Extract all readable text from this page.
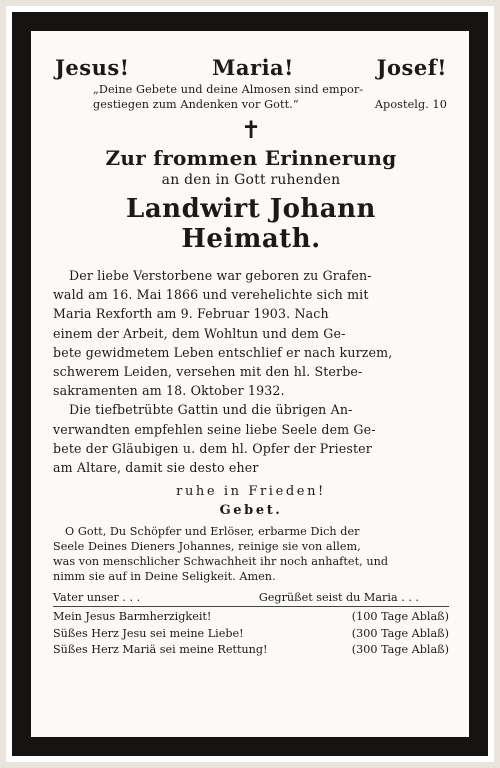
Jesus!	Maria!	Josef!
„Deine Gebete und deine Almosen sind empor-
gestiegen zum Andenken vor Gott.“	Apostelg. 10
✝
Zur frommen Erinnerung
an den in Gott ruhenden
Landwirt Johann Heimath.
Der liebe Verstorbene war geboren zu Grafen-
wald am 16. Mai 1866 und verehelichte sich mit
Maria Rexforth am 9. Februar 1903. Nach
einem der Arbeit, dem Wohltun und dem Ge-
bete gewidmetem Leben entschlief er nach kurzem,
schwerem Leiden, versehen mit den hl. Sterbe-
sakramenten am 18. Oktober 1932.
Die tiefbetrübte Gattin und die übrigen An-
verwandten empfehlen seine liebe Seele dem Ge-
bete der Gläubigen u. dem hl. Opfer der Priester
am Altare, damit sie desto eher
ruhe in Frieden!
Gebet.
O Gott, Du Schöpfer und Erlöser, erbarme Dich der
Seele Deines Dieners Johannes, reinige sie von allem,
was von menschlicher Schwachheit ihr noch anhaftet, und
nimm sie auf in Deine Seligkeit. Amen.
Vater unser . . .	Gegrüßet seist du Maria . . .
Mein Jesus Barmherzigkeit!	(100 Tage Ablaß)
Süßes Herz Jesu sei meine Liebe!	(300 Tage Ablaß)
Süßes Herz Mariä sei meine Rettung!	(300 Tage Ablaß)
